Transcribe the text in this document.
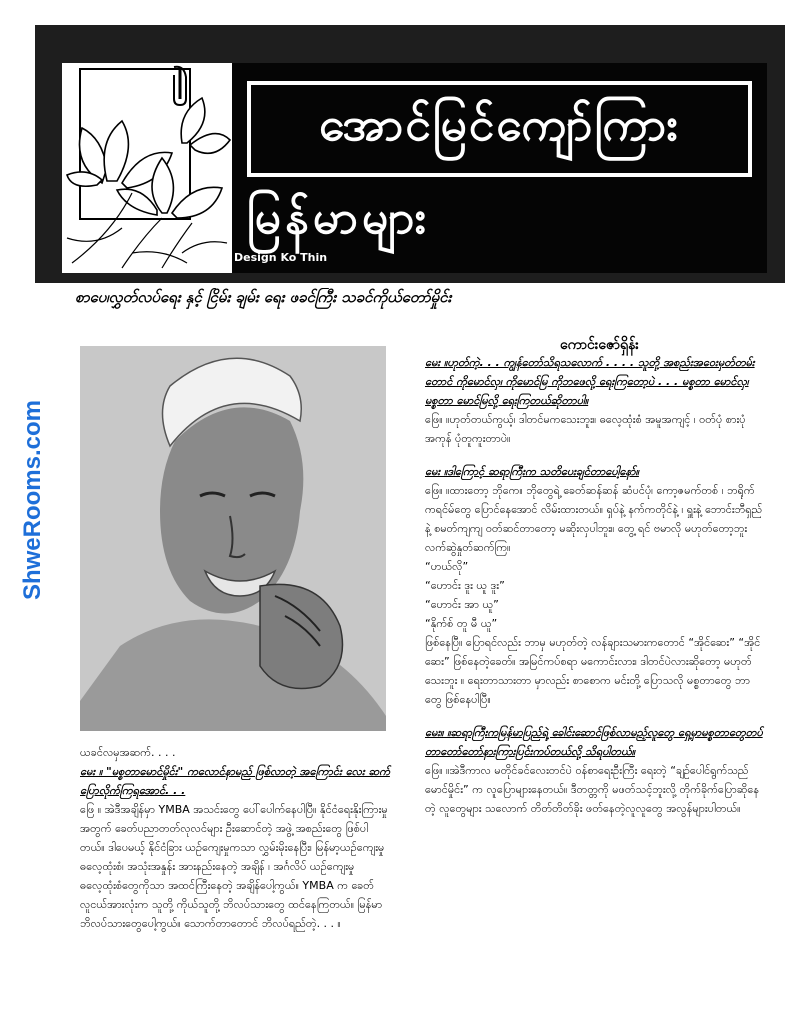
အောင်မြင်ကျော်ကြား
မြန်မာများ
Design Ko Thin
စာပေ၊လွှတ်လပ်ရေး နှင့် ငြိမ်း ချမ်း ရေး ဖခင်ကြီး သခင်ကိုယ်တော်မှိုင်း
ကောင်းဇော်ရှိန်း
ShweRooms.com

ယခင်လမှအဆက်. . . .

မေး ။ "မစ္စတာမောင်မှိုင်း" ကလောင်နာမည် ဖြစ်လာတဲ့ အကြောင်း လေး ဆက်ပြောလိုက်ကြရအောင်. . .

ဖြေ ။ အဲဒီအချိန်မှာ YMBA အသင်းတွေ ပေါ်ပေါက်နေပါပြီ။ နိုင်ငံရေးနိုးကြားမှုအတွက် ခေတ်ပညာတတ်လုလင်များ ဦးဆောင်တဲ့ အဖွဲ့ အစည်းတွေ ဖြစ်ပါတယ်။ ဒါပေမယ့် နိုင်ငံခြား ယဉ်ကျေးမှုကသာ လွှမ်းမိုးနေပြီး၊ မြန်မာ့ယဉ်ကျေးမှု ဓလေ့ထုံးစံ၊ အသုံးအနှုန်း အားနည်းနေတဲ့ အချိန် ၊ အင်္ဂလိပ် ယဉ်ကျေးမှု ဓလေ့ထုံးစံတွေကိုသာ အထင်ကြီးနေတဲ့ အချိန်ပေါ့ကွယ်။ YMBA က ခေတ်လူငယ်အားလုံးက သူတို့ ကိုယ်သူတို့ ဘိလပ်သားတွေ ထင်နေကြတယ်။ မြန်မာ ဘိလပ်သားတွေပေါ့ကွယ်။ သောက်တာတောင် ဘိလပ်ရည်တဲ့. . . ။

မေး ။ဟုတ်ကဲ့. . . ကျွန်တော်သိရသလောက် . . . . သူတို့ အစည်းအဝေးမှတ်တမ်းတောင် ကိုမောင်လှ၊ ကိုမောင်မြ ကိုဘဖေလို့ ရေးကြတော့ပဲ . . . မစ္စတာ မောင်လှ၊ မစ္စတာ မောင်မြလို့ ရေးကြတယ်ဆိုတာပါ။

ဖြေ။ ။ဟုတ်တယ်ကွယ့်၊ ဒါတင်မကသေးဘူး။ ဓလေ့ထုံးစံ အမူအကျင့် ၊ ဝတ်ပုံ စားပုံ အကုန် ပုံတူကူးတာပဲ။

မေး ။ဒါကြောင့် ဆရာကြီးက သတိပေးချင်တာပေါ့နော်။

ဖြေ။ ။ထားတော့ ဘိုကေ။ ဘိုတွေရဲ့ ခေတ်ဆန်ဆန် ဆံပင်ပုံ၊ ကော့ဇမက်တစ် ၊ ဘရိုက်ကရင်မ်တွေ ပြောင်နေအောင် လိမ်းထားတယ်။ ရှပ်နဲ့ နက်ကတိုင်နဲ့ ၊ ရှူးနဲ့ ဘောင်းဘီရှည်နဲ့ စမတ်ကျကျ ဝတ်ဆင်တာတော့ မဆိုးလှပါဘူး။ တွေ့ ရင် ဗမာလို မဟုတ်တော့ဘူး လက်ဆွဲနှုတ်ဆက်ကြ။

“ဟယ်လို”

“ဟောင်း ဒူး ယူ ဒူး”

“ဟောင်း အာ ယူ”

“နိုက်စ် တူ မီ ယူ”

ဖြစ်နေပြီ။ ပြောရင်လည်း ဘာမှ မဟုတ်တဲ့ လန်ချားသမားကတောင် “အိုင်ဆေး” “အိုင်ဆေး” ဖြစ်နေတဲ့ခေတ်။ အမြင်ကပ်စရာ မကောင်းလား၊ ဒါတင်ပဲလားဆိုတော့ မဟုတ်သေးဘူး ။ ရေးတာသားတာ မှာလည်း စာစောက မင်းတို့ ပြောသလို မစ္စတာတွေ ဘာတွေ ဖြစ်နေပါပြီ။

မေး။ ။ဆရာကြီးကမြန်မာပြည်ရဲ့ ခေါင်းဆောင်ဖြစ်လာမည့်လူတွေ ရှေ့မှာမစ္စတာတွေတပ်တာတော်တော်နားကြားပြင်းကပ်တယ်လို့ သိရပါတယ်။

ဖြေ။ ။အဲဒီကာလ မတိုင်ခင်လေးတင်ပဲ ဝန်စာရေးဦးကြီး ရေးတဲ့ “ချဉ်ပေါင်ရွက်သည် မောင်မှိုင်း” က လူပြောများနေတယ်။ ဒီတတ္တကို မဖတ်သင့်ဘူးလို့ တိုက်ခိုက်ပြောဆိုနေတဲ့ လူတွေများ သလောက် တိတ်တိတ်ခိုး ဖတ်နေတဲ့လူလူတွေ အလွန်များပါတယ်။
